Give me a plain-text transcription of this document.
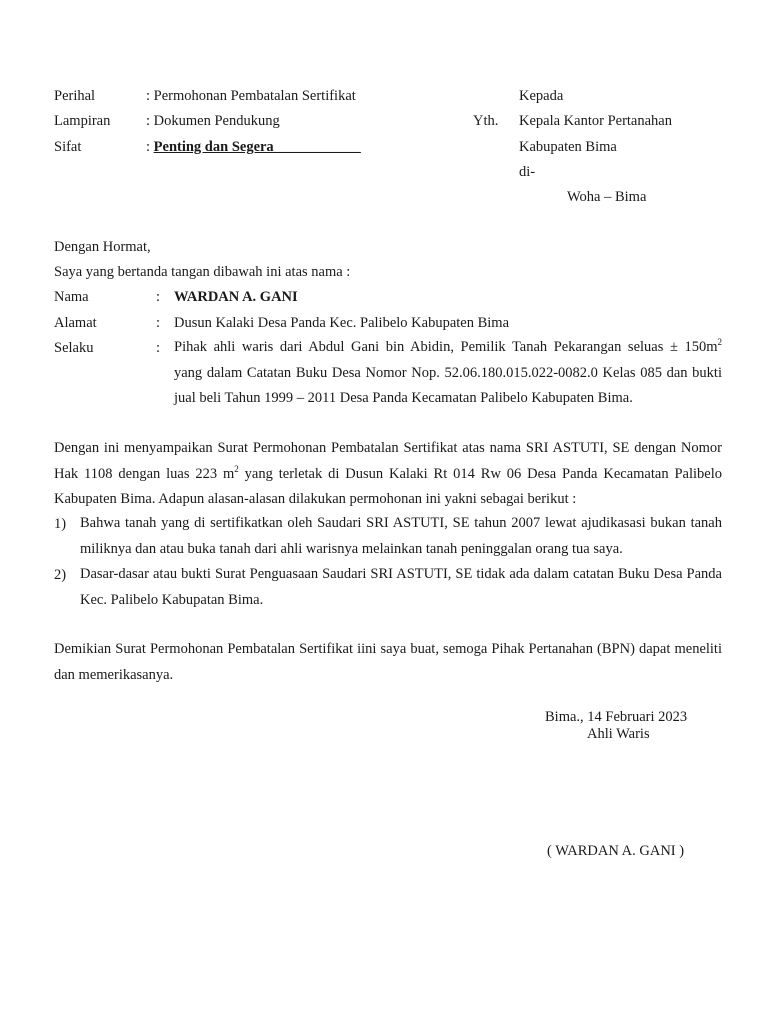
Perihal	: Permohonan Pembatalan Sertifikat
Lampiran : Dokumen Pendukung
Sifat	: Penting dan Segera____________
Kepada
Yth. Kepala Kantor Pertanahan
Kabupaten Bima
di-
Woha – Bima
Dengan Hormat,
Saya yang bertanda tangan dibawah ini atas nama :
Nama	: WARDAN A. GANI
Alamat	: Dusun Kalaki Desa Panda Kec. Palibelo Kabupaten Bima
Selaku	: Pihak ahli waris dari Abdul Gani bin Abidin, Pemilik Tanah Pekarangan seluas ± $150m^2$
yang dalam Catatan Buku Desa Nomor Nop. 52.06.180.015.022-0082.0 Kelas 085 dan bukti jual beli Tahun 1999 – 2011 Desa Panda Kecamatan Palibelo Kabupaten Bima.
Dengan ini menyampaikan Surat Permohonan Pembatalan Sertifikat atas nama SRI ASTUTI, SE dengan Nomor Hak 1108 dengan luas 223 $m^2$ yang terletak di Dusun Kalaki Rt 014 Rw 06 Desa Panda Kecamatan Palibelo Kabupaten Bima. Adapun alasan-alasan dilakukan permohonan ini yakni sebagai berikut :
1) Bahwa tanah yang di sertifikatkan oleh Saudari SRI ASTUTI, SE tahun 2007 lewat ajudikasasi bukan tanah miliknya dan atau buka tanah dari ahli warisnya melainkan tanah peninggalan orang tua saya.
2) Dasar-dasar atau bukti Surat Penguasaan Saudari SRI ASTUTI, SE tidak ada dalam catatan Buku Desa Panda Kec. Palibelo Kabupatan Bima.
Demikian Surat Permohonan Pembatalan Sertifikat iini saya buat, semoga Pihak Pertanahan (BPN) dapat meneliti dan memerikasanya.
Bima., 14 Februari 2023
Ahli Waris
( WARDAN A. GANI )
